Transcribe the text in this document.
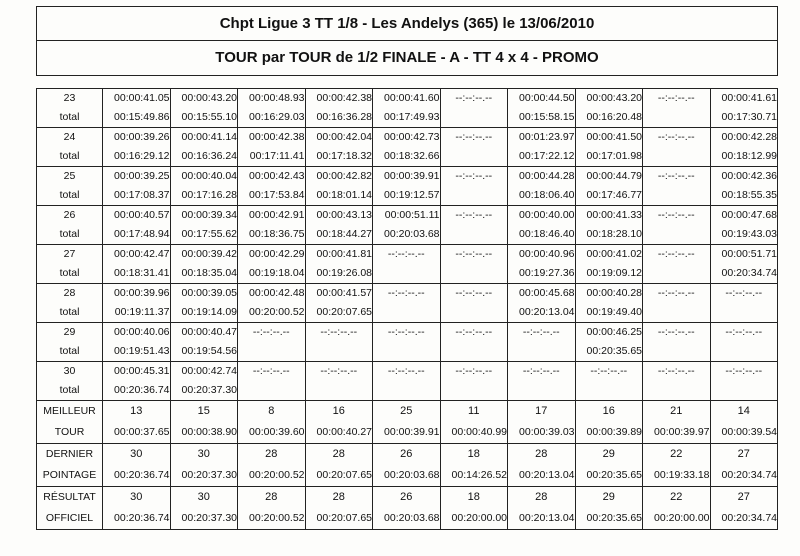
Chpt Ligue 3 TT 1/8 - Les Andelys (365) le 13/06/2010
TOUR par TOUR de 1/2 FINALE - A - TT 4 x 4 - PROMO
23	00:00:41.05	00:00:43.20	00:00:48.93	00:00:42.38	00:00:41.60	--:--:--.--	00:00:44.50	00:00:43.20	--:--:--.--	00:00:41.61
total	00:15:49.86	00:15:55.10	00:16:29.03	00:16:36.28	00:17:49.93		00:15:58.15	00:16:20.48		00:17:30.71
24	00:00:39.26	00:00:41.14	00:00:42.38	00:00:42.04	00:00:42.73	--:--:--.--	00:01:23.97	00:00:41.50	--:--:--.--	00:00:42.28
total	00:16:29.12	00:16:36.24	00:17:11.41	00:17:18.32	00:18:32.66		00:17:22.12	00:17:01.98		00:18:12.99
25	00:00:39.25	00:00:40.04	00:00:42.43	00:00:42.82	00:00:39.91	--:--:--.--	00:00:44.28	00:00:44.79	--:--:--.--	00:00:42.36
total	00:17:08.37	00:17:16.28	00:17:53.84	00:18:01.14	00:19:12.57		00:18:06.40	00:17:46.77		00:18:55.35
26	00:00:40.57	00:00:39.34	00:00:42.91	00:00:43.13	00:00:51.11	--:--:--.--	00:00:40.00	00:00:41.33	--:--:--.--	00:00:47.68
total	00:17:48.94	00:17:55.62	00:18:36.75	00:18:44.27	00:20:03.68		00:18:46.40	00:18:28.10		00:19:43.03
27	00:00:42.47	00:00:39.42	00:00:42.29	00:00:41.81	--:--:--.--	--:--:--.--	00:00:40.96	00:00:41.02	--:--:--.--	00:00:51.71
total	00:18:31.41	00:18:35.04	00:19:18.04	00:19:26.08			00:19:27.36	00:19:09.12		00:20:34.74
28	00:00:39.96	00:00:39.05	00:00:42.48	00:00:41.57	--:--:--.--	--:--:--.--	00:00:45.68	00:00:40.28	--:--:--.--	--:--:--.--
total	00:19:11.37	00:19:14.09	00:20:00.52	00:20:07.65			00:20:13.04	00:19:49.40		
29	00:00:40.06	00:00:40.47	--:--:--.--	--:--:--.--	--:--:--.--	--:--:--.--	--:--:--.--	00:00:46.25	--:--:--.--	--:--:--.--
total	00:19:51.43	00:19:54.56						00:20:35.65		
30	00:00:45.31	00:00:42.74	--:--:--.--	--:--:--.--	--:--:--.--	--:--:--.--	--:--:--.--	--:--:--.--	--:--:--.--	--:--:--.--
total	00:20:36.74	00:20:37.30								
MEILLEUR	13	15	8	16	25	11	17	16	21	14
TOUR	00:00:37.65	00:00:38.90	00:00:39.60	00:00:40.27	00:00:39.91	00:00:40.99	00:00:39.03	00:00:39.89	00:00:39.97	00:00:39.54
DERNIER	30	30	28	28	26	18	28	29	22	27
POINTAGE	00:20:36.74	00:20:37.30	00:20:00.52	00:20:07.65	00:20:03.68	00:14:26.52	00:20:13.04	00:20:35.65	00:19:33.18	00:20:34.74
RÉSULTAT	30	30	28	28	26	18	28	29	22	27
OFFICIEL	00:20:36.74	00:20:37.30	00:20:00.52	00:20:07.65	00:20:03.68	00:20:00.00	00:20:13.04	00:20:35.65	00:20:00.00	00:20:34.74
